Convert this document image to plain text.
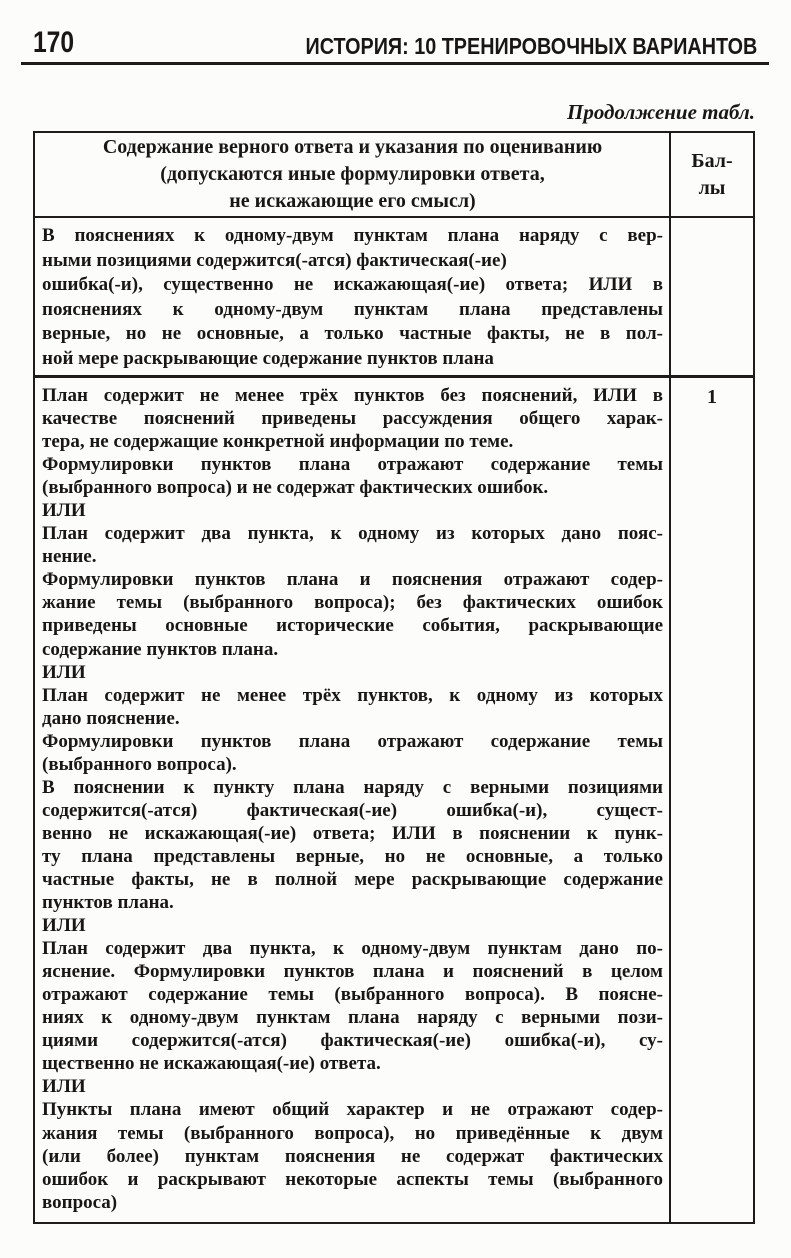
170	ИСТОРИЯ: 10 ТРЕНИРОВОЧНЫХ ВАРИАНТОВ
Продолжение табл.
Содержание верного ответа и указания по оцениванию
(допускаются иные формулировки ответа,
не искажающие его смысл)
Бал-
лы
В пояснениях к одному-двум пунктам плана наряду с вер-
ными позициями содержится(-атся) фактическая(-ие)
ошибка(-и), существенно не искажающая(-ие) ответа; ИЛИ в
пояснениях к одному-двум пунктам плана представлены
верные, но не основные, а только частные факты, не в пол-
ной мере раскрывающие содержание пунктов плана
План содержит не менее трёх пунктов без пояснений, ИЛИ в
качестве пояснений приведены рассуждения общего харак-
тера, не содержащие конкретной информации по теме.
Формулировки пунктов плана отражают содержание темы
(выбранного вопроса) и не содержат фактических ошибок.
ИЛИ
План содержит два пункта, к одному из которых дано пояс-
нение.
Формулировки пунктов плана и пояснения отражают содер-
жание темы (выбранного вопроса); без фактических ошибок
приведены основные исторические события, раскрывающие
содержание пунктов плана.
ИЛИ
План содержит не менее трёх пунктов, к одному из которых
дано пояснение.
Формулировки пунктов плана отражают содержание темы
(выбранного вопроса).
В пояснении к пункту плана наряду с верными позициями
содержится(-атся) фактическая(-ие) ошибка(-и), сущест-
венно не искажающая(-ие) ответа; ИЛИ в пояснении к пунк-
ту плана представлены верные, но не основные, а только
частные факты, не в полной мере раскрывающие содержание
пунктов плана.
ИЛИ
План содержит два пункта, к одному-двум пунктам дано по-
яснение. Формулировки пунктов плана и пояснений в целом
отражают содержание темы (выбранного вопроса). В поясне-
ниях к одному-двум пунктам плана наряду с верными пози-
циями содержится(-атся) фактическая(-ие) ошибка(-и), су-
щественно не искажающая(-ие) ответа.
ИЛИ
Пункты плана имеют общий характер и не отражают содер-
жания темы (выбранного вопроса), но приведённые к двум
(или более) пунктам пояснения не содержат фактических
ошибок и раскрывают некоторые аспекты темы (выбранного
вопроса)
1
